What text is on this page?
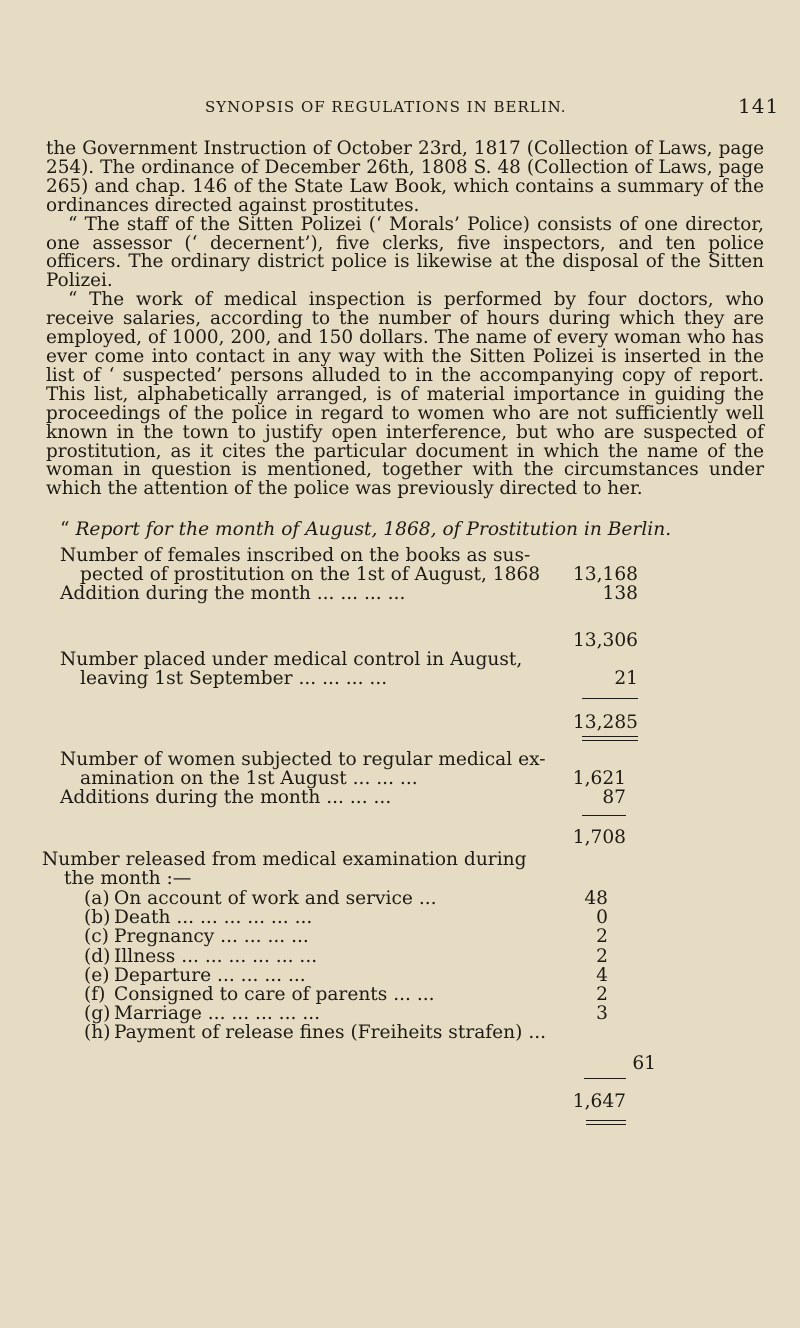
SYNOPSIS OF REGULATIONS IN BERLIN.	141

the Government Instruction of October 23rd, 1817 (Collection of Laws, page 254). The ordinance of December 26th, 1808 S. 48 (Collection of Laws, page 265) and chap. 146 of the State Law Book, which contains a summary of the ordinances directed against prostitutes.

“ The staff of the Sitten Polizei (‘ Morals’ Police) consists of one director, one assessor (‘ decernent’), five clerks, five inspectors, and ten police officers. The ordinary district police is likewise at the disposal of the Sitten Polizei.

“ The work of medical inspection is performed by four doctors, who receive salaries, according to the number of hours during which they are employed, of 1000, 200, and 150 dollars. The name of every woman who has ever come into contact in any way with the Sitten Polizei is inserted in the list of ‘ suspected’ persons alluded to in the accompanying copy of report. This list, alphabetically arranged, is of material importance in guiding the proceedings of the police in regard to women who are not sufficiently well known in the town to justify open interference, but who are suspected of prostitution, as it cites the particular document in which the name of the woman in question is mentioned, together with the circumstances under which the attention of the police was previously directed to her.

“ Report for the month of August, 1868, of Prostitution in Berlin.
Number of females inscribed on the books as sus-
pected of prostitution on the 1st of August, 1868	13,168
Addition during the month ... ... ... ...	138
13,306
Number placed under medical control in August,
leaving 1st September ... ... ... ...	21
13,285
Number of women subjected to regular medical ex-
amination on the 1st August ... ... ...	1,621
Additions during the month ... ... ...	87
1,708
Number released from medical examination during
the month :—
(a) On account of work and service ...	48
(b) Death ... ... ... ... ... ...	0
(c) Pregnancy ... ... ... ...	2
(d) Illness ... ... ... ... ... ...	2
(e) Departure ... ... ... ...	4
(f) Consigned to care of parents ... ...	2
(g) Marriage ... ... ... ... ...	3
(h) Payment of release fines (Freiheits strafen) ...
61
1,647
